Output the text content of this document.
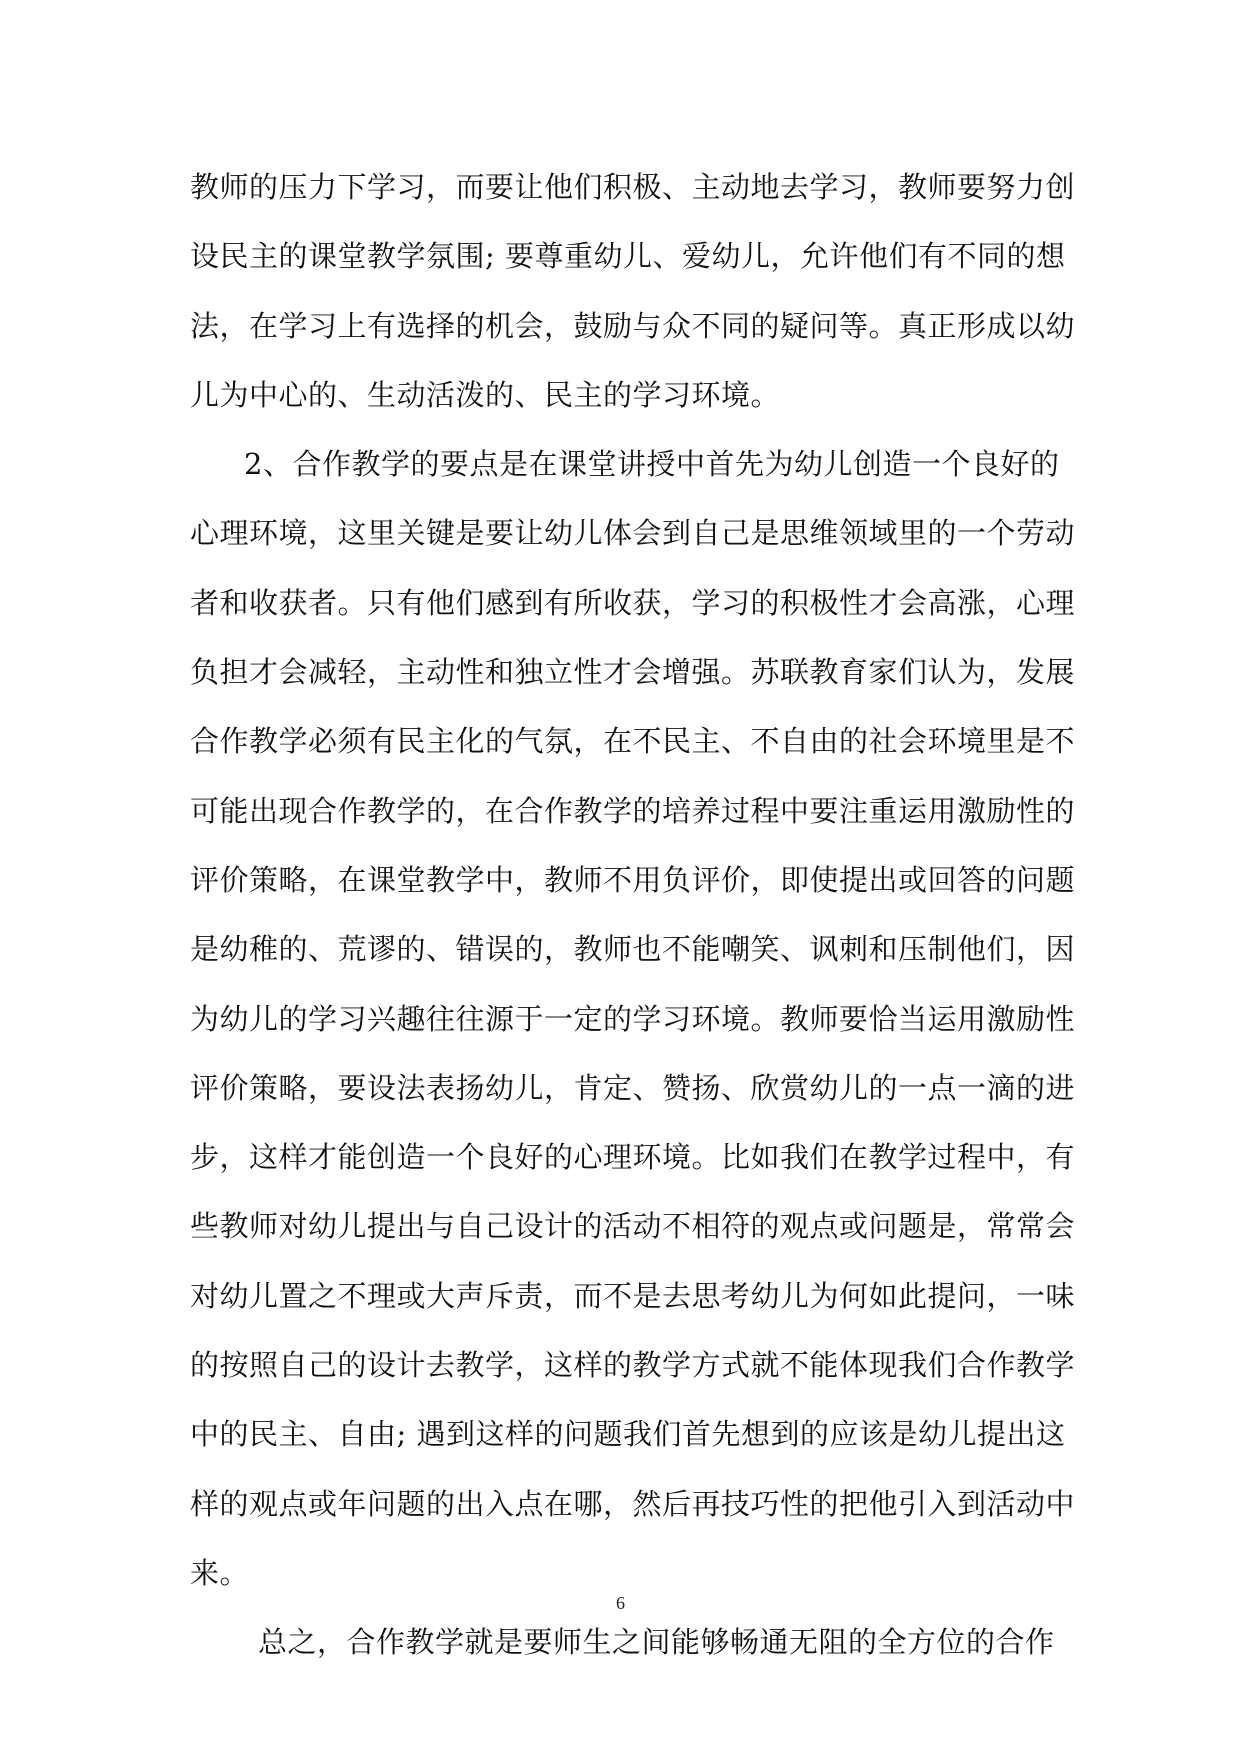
教师的压力下学习，而要让他们积极、主动地去学习，教师要努力创
设民主的课堂教学氛围; 要尊重幼儿、爱幼儿，允许他们有不同的想
法，在学习上有选择的机会，鼓励与众不同的疑问等。真正形成以幼
儿为中心的、生动活泼的、民主的学习环境。
2、合作教学的要点是在课堂讲授中首先为幼儿创造一个良好的
心理环境，这里关键是要让幼儿体会到自己是思维领域里的一个劳动
者和收获者。只有他们感到有所收获，学习的积极性才会高涨，心理
负担才会减轻，主动性和独立性才会增强。苏联教育家们认为，发展
合作教学必须有民主化的气氛，在不民主、不自由的社会环境里是不
可能出现合作教学的，在合作教学的培养过程中要注重运用激励性的
评价策略，在课堂教学中，教师不用负评价，即使提出或回答的问题
是幼稚的、荒谬的、错误的，教师也不能嘲笑、讽刺和压制他们，因
为幼儿的学习兴趣往往源于一定的学习环境。教师要恰当运用激励性
评价策略，要设法表扬幼儿，肯定、赞扬、欣赏幼儿的一点一滴的进
步，这样才能创造一个良好的心理环境。比如我们在教学过程中，有
些教师对幼儿提出与自己设计的活动不相符的观点或问题是，常常会
对幼儿置之不理或大声斥责，而不是去思考幼儿为何如此提问，一味
的按照自己的设计去教学，这样的教学方式就不能体现我们合作教学
中的民主、自由; 遇到这样的问题我们首先想到的应该是幼儿提出这
样的观点或年问题的出入点在哪，然后再技巧性的把他引入到活动中
来。
总之，合作教学就是要师生之间能够畅通无阻的全方位的合作
6
